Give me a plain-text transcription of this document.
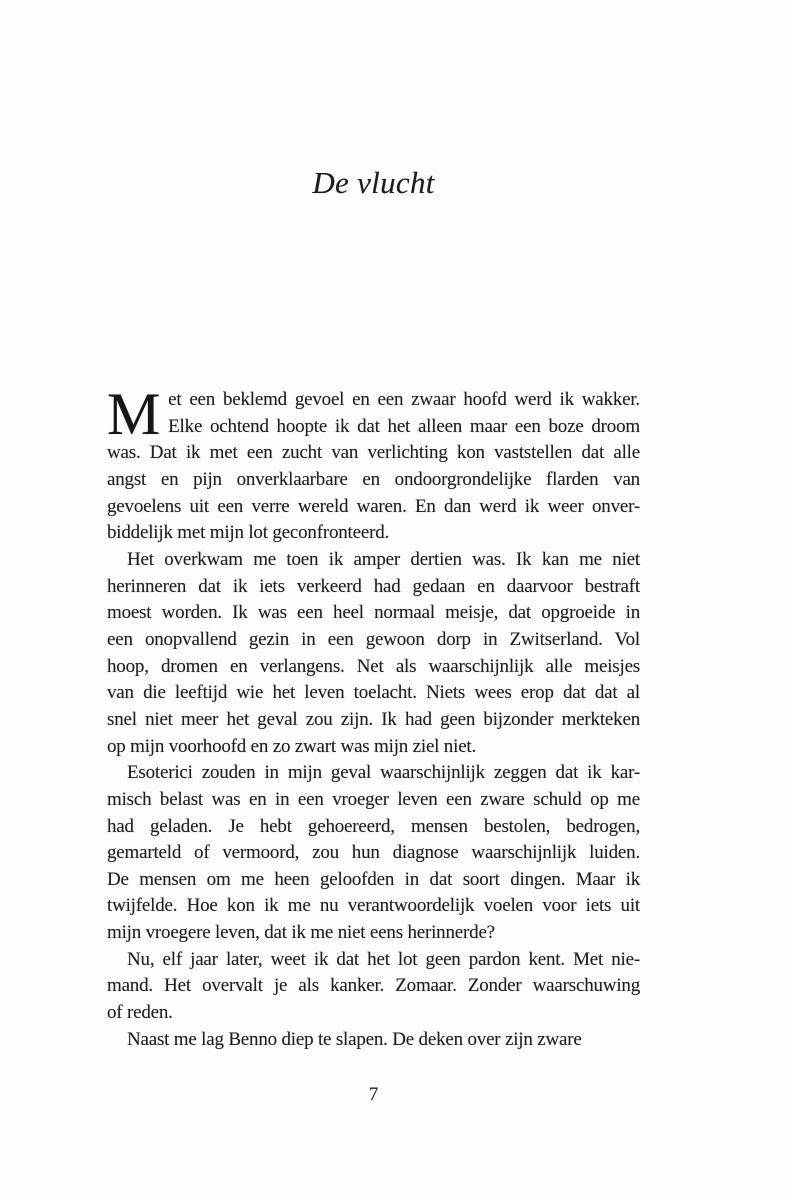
De vlucht
M et een beklemd gevoel en een zwaar hoofd werd ik wakker.
Elke ochtend hoopte ik dat het alleen maar een boze droom
was. Dat ik met een zucht van verlichting kon vaststellen dat alle
angst en pijn onverklaarbare en ondoorgrondelijke flarden van
gevoelens uit een verre wereld waren. En dan werd ik weer onver-
biddelijk met mijn lot geconfronteerd.
Het overkwam me toen ik amper dertien was. Ik kan me niet
herinneren dat ik iets verkeerd had gedaan en daarvoor bestraft
moest worden. Ik was een heel normaal meisje, dat opgroeide in
een onopvallend gezin in een gewoon dorp in Zwitserland. Vol
hoop, dromen en verlangens. Net als waarschijnlijk alle meisjes
van die leeftijd wie het leven toelacht. Niets wees erop dat dat al
snel niet meer het geval zou zijn. Ik had geen bijzonder merkteken
op mijn voorhoofd en zo zwart was mijn ziel niet.
Esoterici zouden in mijn geval waarschijnlijk zeggen dat ik kar-
misch belast was en in een vroeger leven een zware schuld op me
had geladen. Je hebt gehoereerd, mensen bestolen, bedrogen,
gemarteld of vermoord, zou hun diagnose waarschijnlijk luiden.
De mensen om me heen geloofden in dat soort dingen. Maar ik
twijfelde. Hoe kon ik me nu verantwoordelijk voelen voor iets uit
mijn vroegere leven, dat ik me niet eens herinnerde?
Nu, elf jaar later, weet ik dat het lot geen pardon kent. Met nie-
mand. Het overvalt je als kanker. Zomaar. Zonder waarschuwing
of reden.
Naast me lag Benno diep te slapen. De deken over zijn zware
7
